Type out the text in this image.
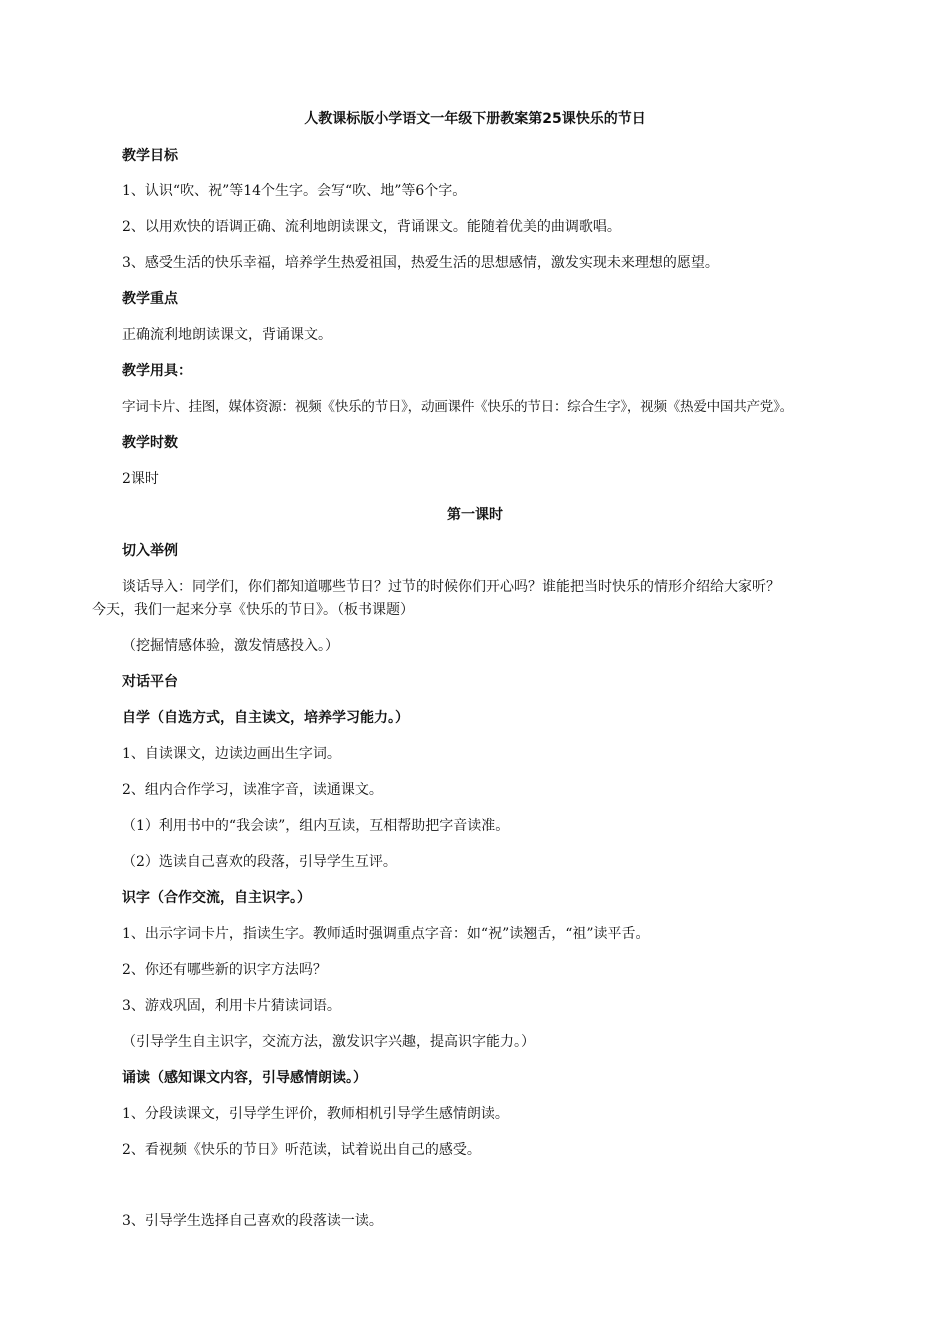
人教课标版小学语文一年级下册教案第25课快乐的节日
教学目标
1、认识“吹、祝”等14个生字。会写“吹、地”等6个字。
2、以用欢快的语调正确、流利地朗读课文，背诵课文。能随着优美的曲调歌唱。
3、感受生活的快乐幸福，培养学生热爱祖国，热爱生活的思想感情，激发实现未来理想的愿望。
教学重点
正确流利地朗读课文，背诵课文。
教学用具：
字词卡片、挂图，媒体资源：视频《快乐的节日》，动画课件《快乐的节日：综合生字》，视频《热爱中国共产党》。
教学时数
2课时
第一课时
切入举例
谈话导入：同学们，你们都知道哪些节日？过节的时候你们开心吗？谁能把当时快乐的情形介绍给大家听？
今天，我们一起来分享《快乐的节日》。（板书课题）
（挖掘情感体验，激发情感投入。）
对话平台
自学（自选方式，自主读文，培养学习能力。）
1、自读课文，边读边画出生字词。
2、组内合作学习，读准字音，读通课文。
（1）利用书中的“我会读”，组内互读，互相帮助把字音读准。
（2）选读自己喜欢的段落，引导学生互评。
识字（合作交流，自主识字。）
1、出示字词卡片，指读生字。教师适时强调重点字音：如“祝”读翘舌，“祖”读平舌。
2、你还有哪些新的识字方法吗？
3、游戏巩固，利用卡片猜读词语。
（引导学生自主识字，交流方法，激发识字兴趣，提高识字能力。）
诵读（感知课文内容，引导感情朗读。）
1、分段读课文，引导学生评价，教师相机引导学生感情朗读。
2、看视频《快乐的节日》听范读，试着说出自己的感受。
3、引导学生选择自己喜欢的段落读一读。
